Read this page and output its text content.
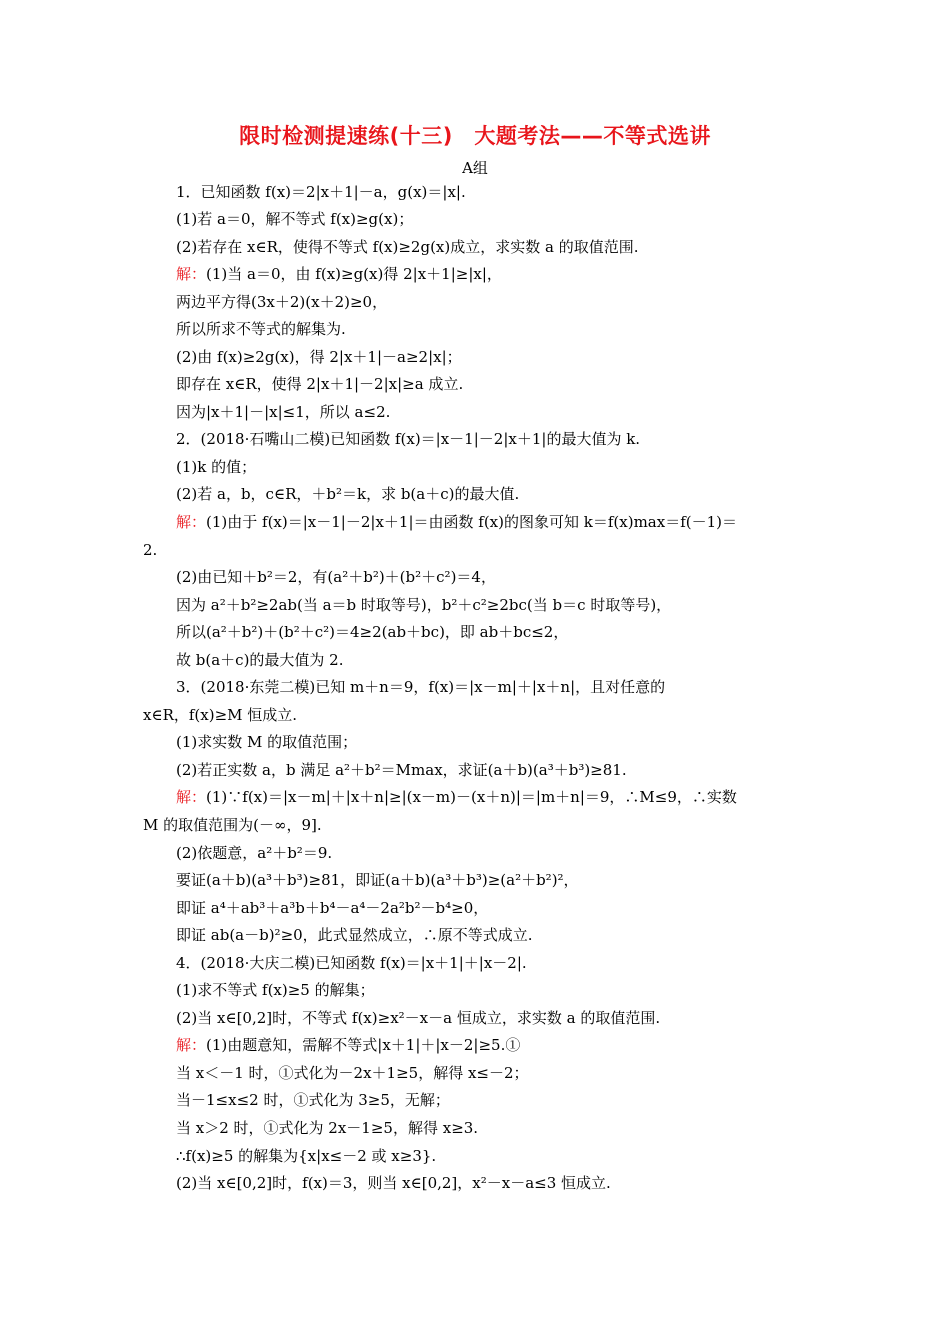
限时检测提速练(十三)　大题考法——不等式选讲
A组
1．已知函数 f(x)＝2|x＋1|－a，g(x)＝|x|.
(1)若 a＝0，解不等式 f(x)≥g(x)；
(2)若存在 x∈R，使得不等式 f(x)≥2g(x)成立，求实数 a 的取值范围.
解：(1)当 a＝0，由 f(x)≥g(x)得 2|x＋1|≥|x|，
两边平方得(3x＋2)(x＋2)≥0，
所以所求不等式的解集为.
(2)由 f(x)≥2g(x)，得 2|x＋1|－a≥2|x|；
即存在 x∈R，使得 2|x＋1|－2|x|≥a 成立.
因为|x＋1|－|x|≤1，所以 a≤2.
2．(2018·石嘴山二模)已知函数 f(x)＝|x－1|－2|x＋1|的最大值为 k.
(1)k 的值；
(2)若 a，b，c∈R，＋b²＝k，求 b(a＋c)的最大值.
解：(1)由于 f(x)＝|x－1|－2|x＋1|＝由函数 f(x)的图象可知 k＝f(x)max＝f(－1)＝
2.
(2)由已知＋b²＝2，有(a²＋b²)＋(b²＋c²)＝4，
因为 a²＋b²≥2ab(当 a＝b 时取等号)，b²＋c²≥2bc(当 b＝c 时取等号)，
所以(a²＋b²)＋(b²＋c²)＝4≥2(ab＋bc)，即 ab＋bc≤2，
故 b(a＋c)的最大值为 2.
3．(2018·东莞二模)已知 m＋n＝9，f(x)＝|x－m|＋|x＋n|，且对任意的
x∈R，f(x)≥M 恒成立.
(1)求实数 M 的取值范围；
(2)若正实数 a，b 满足 a²＋b²＝Mmax，求证(a＋b)(a³＋b³)≥81.
解：(1)∵f(x)＝|x－m|＋|x＋n|≥|(x－m)－(x＋n)|＝|m＋n|＝9，∴M≤9，∴实数
M 的取值范围为(－∞，9].
(2)依题意，a²＋b²＝9.
要证(a＋b)(a³＋b³)≥81，即证(a＋b)(a³＋b³)≥(a²＋b²)²，
即证 a⁴＋ab³＋a³b＋b⁴－a⁴－2a²b²－b⁴≥0，
即证 ab(a－b)²≥0，此式显然成立，∴原不等式成立.
4．(2018·大庆二模)已知函数 f(x)＝|x＋1|＋|x－2|.
(1)求不等式 f(x)≥5 的解集；
(2)当 x∈[0,2]时，不等式 f(x)≥x²－x－a 恒成立，求实数 a 的取值范围.
解：(1)由题意知，需解不等式|x＋1|＋|x－2|≥5.①
当 x＜－1 时，①式化为－2x＋1≥5，解得 x≤－2；
当－1≤x≤2 时，①式化为 3≥5，无解；
当 x＞2 时，①式化为 2x－1≥5，解得 x≥3.
∴f(x)≥5 的解集为{x|x≤－2 或 x≥3}.
(2)当 x∈[0,2]时，f(x)＝3，则当 x∈[0,2]，x²－x－a≤3 恒成立.
